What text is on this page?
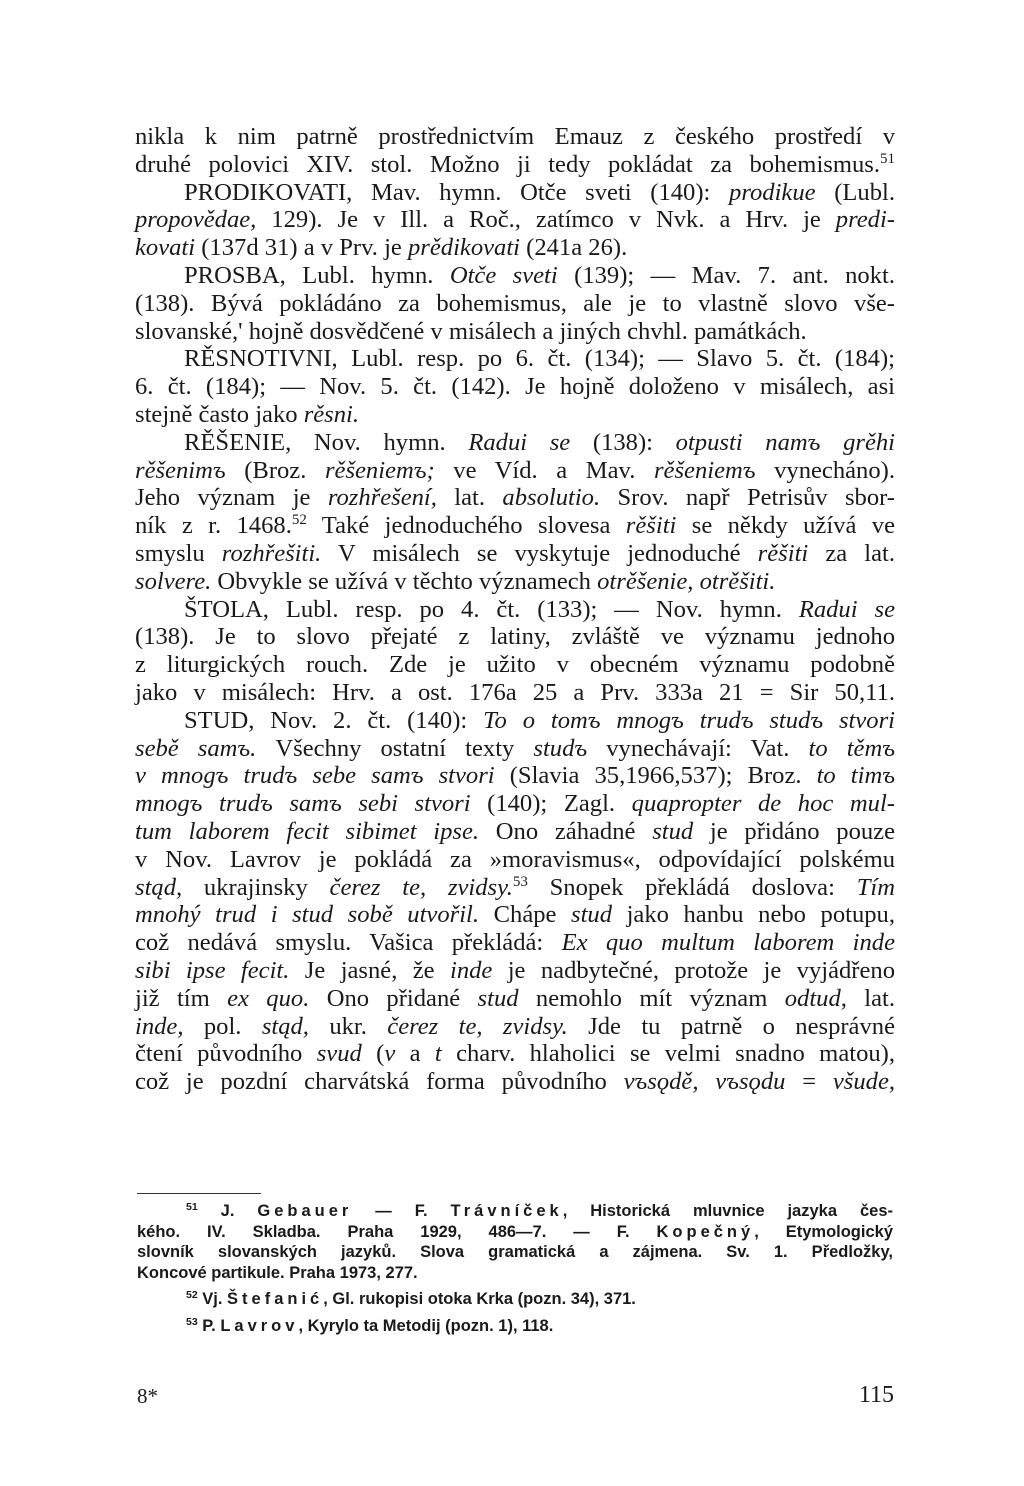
nikla k nim patrně prostřednictvím Emauz z českého prostředí v
druhé polovici XIV. stol. Možno ji tedy pokládat za bohemismus.$^{51}$
PRODIKOVATI, Mav. hymn. Otče sveti (140): prodikue (Lubl.
propovědae, 129). Je v Ill. a Roč., zatímco v Nvk. a Hrv. je predi-
kovati (137d 31) a v Prv. je prědikovati (241a 26).
PROSBA, Lubl. hymn. Otče sveti (139); — Mav. 7. ant. nokt.
(138). Bývá pokládáno za bohemismus, ale je to vlastně slovo vše-
slovanské,' hojně dosvědčené v misálech a jiných chvhl. památkách.
RĚSNOTIVNI, Lubl. resp. po 6. čt. (134); — Slavo 5. čt. (184);
6. čt. (184); — Nov. 5. čt. (142). Je hojně doloženo v misálech, asi
stejně často jako rěsni.
RĚŠENIE, Nov. hymn. Radui se (138): otpusti namъ grěhi
rěšenimъ (Broz. rěšeniemъ; ve Víd. a Mav. rěšeniemъ vynecháno).
Jeho význam je rozhřešení, lat. absolutio. Srov. např Petrisův sbor-
ník z r. 1468.52 Také jednoduchého slovesa rěšiti se někdy užívá ve
smyslu rozhřešiti. V misálech se vyskytuje jednoduché rěšiti za lat.
solvere. Obvykle se užívá v těchto významech otrěšenie, otrěšiti.
ŠTOLA, Lubl. resp. po 4. čt. (133); — Nov. hymn. Radui se
(138). Je to slovo přejaté z latiny, zvláště ve významu jednoho
z liturgických rouch. Zde je užito v obecném významu podobně
jako v misálech: Hrv. a ost. 176a 25 a Prv. 333a 21 = Sir 50,11.
STUD, Nov. 2. čt. (140): To o tomъ mnogъ trudъ studъ stvori
sebě samъ. Všechny ostatní texty studъ vynechávají: Vat. to těmъ
v mnogъ trudъ sebe samъ stvori (Slavia 35,1966,537); Broz. to timъ
mnogъ trudъ samъ sebi stvori (140); Zagl. quapropter de hoc mul-
tum laborem fecit sibimet ipse. Ono záhadné stud je přidáno pouze
v Nov. Lavrov je pokládá za »moravismus«, odpovídající polskému
stąd, ukrajinsky čerez te, zvidsy.$^{53}$ Snopek překládá doslova: Tím
mnohý trud i stud sobě utvořil. Chápe stud jako hanbu nebo potupu,
což nedává smyslu. Vašica překládá: Ex quo multum laborem inde
sibi ipse fecit. Je jasné, že inde je nadbytečné, protože je vyjádřeno
již tím ex quo. Ono přidané stud nemohlo mít význam odtud, lat.
inde, pol. stąd, ukr. čerez te, zvidsy. Jde tu patrně o nesprávné
čtení původního svud (v a t charv. hlaholici se velmi snadno matou),
což je pozdní charvátská forma původního vъsǫdě, vъsǫdu = všude,
$^{51}$ J. Gebauer — F. Trávníček, Historická mluvnice jazyka čes-
kého. IV. Skladba. Praha 1929, 486—7. — F. Kopečný, Etymologický
slovník slovanských jazyků. Slova gramatická a zájmena. Sv. 1. Předložky,
Koncové partikule. Praha 1973, 277.
$^{52}$ Vj. Štefanić, Gl. rukopisi otoka Krka (pozn. 34), 371.
$^{53}$ P. Lavrov, Kyrylo ta Metodij (pozn. 1), 118.
8*	115
